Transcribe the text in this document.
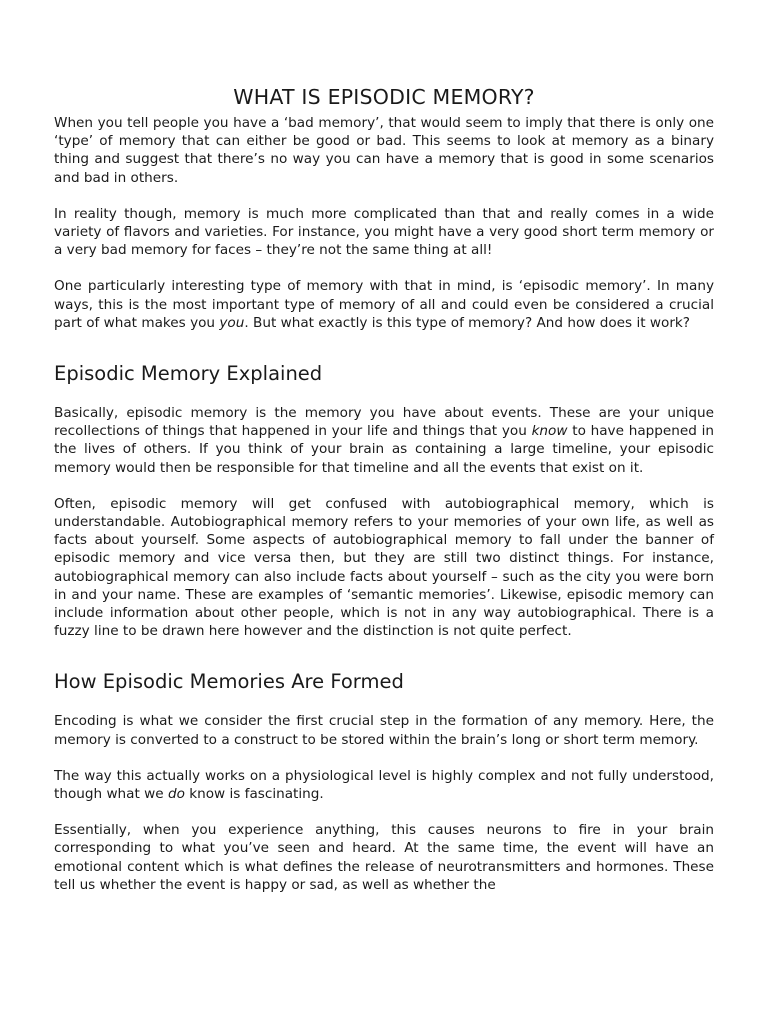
WHAT IS EPISODIC MEMORY?

When you tell people you have a ‘bad memory’, that would seem to imply that there is only one ‘type’ of memory that can either be good or bad. This seems to look at memory as a binary thing and suggest that there’s no way you can have a memory that is good in some scenarios and bad in others.

In reality though, memory is much more complicated than that and really comes in a wide variety of flavors and varieties. For instance, you might have a very good short term memory or a very bad memory for faces – they’re not the same thing at all!

One particularly interesting type of memory with that in mind, is ‘episodic memory’. In many ways, this is the most important type of memory of all and could even be considered a crucial part of what makes you you. But what exactly is this type of memory? And how does it work?

Episodic Memory Explained

Basically, episodic memory is the memory you have about events. These are your unique recollections of things that happened in your life and things that you know to have happened in the lives of others. If you think of your brain as containing a large timeline, your episodic memory would then be responsible for that timeline and all the events that exist on it.

Often, episodic memory will get confused with autobiographical memory, which is understandable. Autobiographical memory refers to your memories of your own life, as well as facts about yourself. Some aspects of autobiographical memory to fall under the banner of episodic memory and vice versa then, but they are still two distinct things. For instance, autobiographical memory can also include facts about yourself – such as the city you were born in and your name. These are examples of ‘semantic memories’. Likewise, episodic memory can include information about other people, which is not in any way autobiographical. There is a fuzzy line to be drawn here however and the distinction is not quite perfect.

How Episodic Memories Are Formed

Encoding is what we consider the first crucial step in the formation of any memory. Here, the memory is converted to a construct to be stored within the brain’s long or short term memory.

The way this actually works on a physiological level is highly complex and not fully understood, though what we do know is fascinating.

Essentially, when you experience anything, this causes neurons to fire in your brain corresponding to what you’ve seen and heard. At the same time, the event will have an emotional content which is what defines the release of neurotransmitters and hormones. These tell us whether the event is happy or sad, as well as whether the
